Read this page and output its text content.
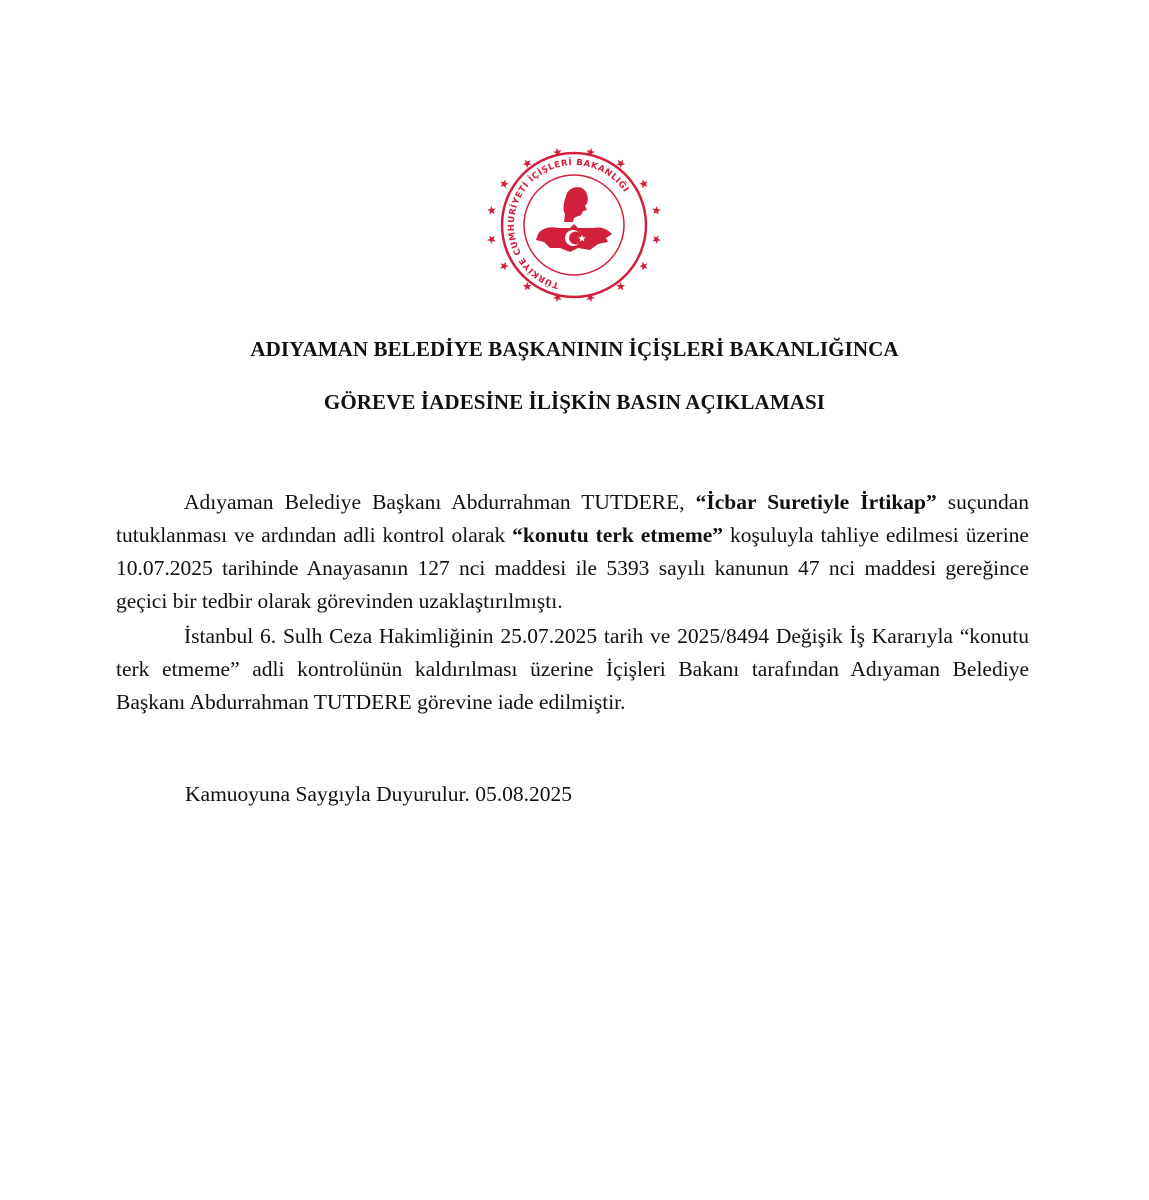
TÜRKİYE CUMHURİYETİ İÇİŞLERİ BAKANLIĞI
ADIYAMAN BELEDİYE BAŞKANININ İÇİŞLERİ BAKANLIĞINCA
GÖREVE İADESİNE İLİŞKİN BASIN AÇIKLAMASI
Adıyaman Belediye Başkanı Abdurrahman TUTDERE, “İcbar Suretiyle İrtikap” suçundan tutuklanması ve ardından adli kontrol olarak “konutu terk etmeme” koşuluyla tahliye edilmesi üzerine 10.07.2025 tarihinde Anayasanın 127 nci maddesi ile 5393 sayılı kanunun 47 nci maddesi gereğince geçici bir tedbir olarak görevinden uzaklaştırılmıştı.
İstanbul 6. Sulh Ceza Hakimliğinin 25.07.2025 tarih ve 2025/8494 Değişik İş Kararıyla “konutu terk etmeme” adli kontrolünün kaldırılması üzerine İçişleri Bakanı tarafından Adıyaman Belediye Başkanı Abdurrahman TUTDERE görevine iade edilmiştir.
Kamuoyuna Saygıyla Duyurulur. 05.08.2025
